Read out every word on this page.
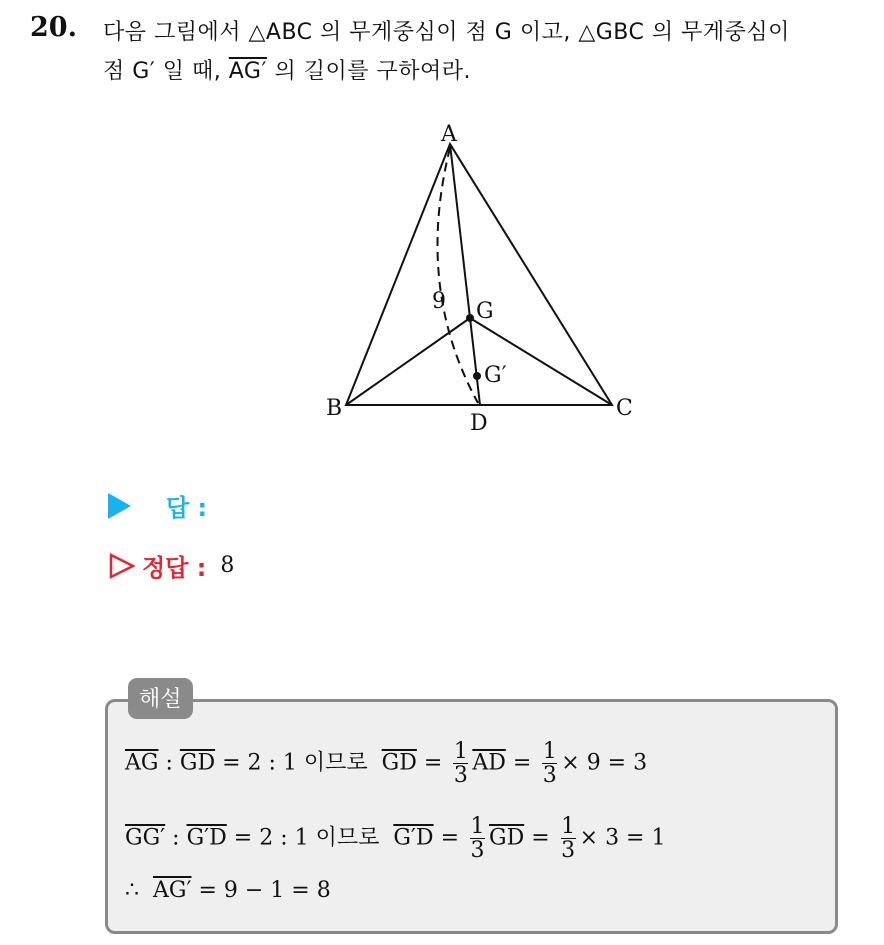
20. 다음 그림에서 △ABC 의 무게중심이 점 G 이고, △GBC 의 무게중심이
점 G′ 일 때, AG′ 의 길이를 구하여라.
A
B	C
D
G
G′
9
답 :
정답 : 8
해설
$\overline{AG}$ : $\overline{GD} = 2$ : 1 이므로 $\overline{GD} = \frac{1}{3} \overline{AD} = \frac{1}{3} \times 9 = 3$
GG′ : G′D = 2 : 1 이므로 $G'D = \frac{1}{3} \overline{GD} = \frac{1}{3} \times 3 = 1$
∴ AG′ = 9 − 1 = 8
